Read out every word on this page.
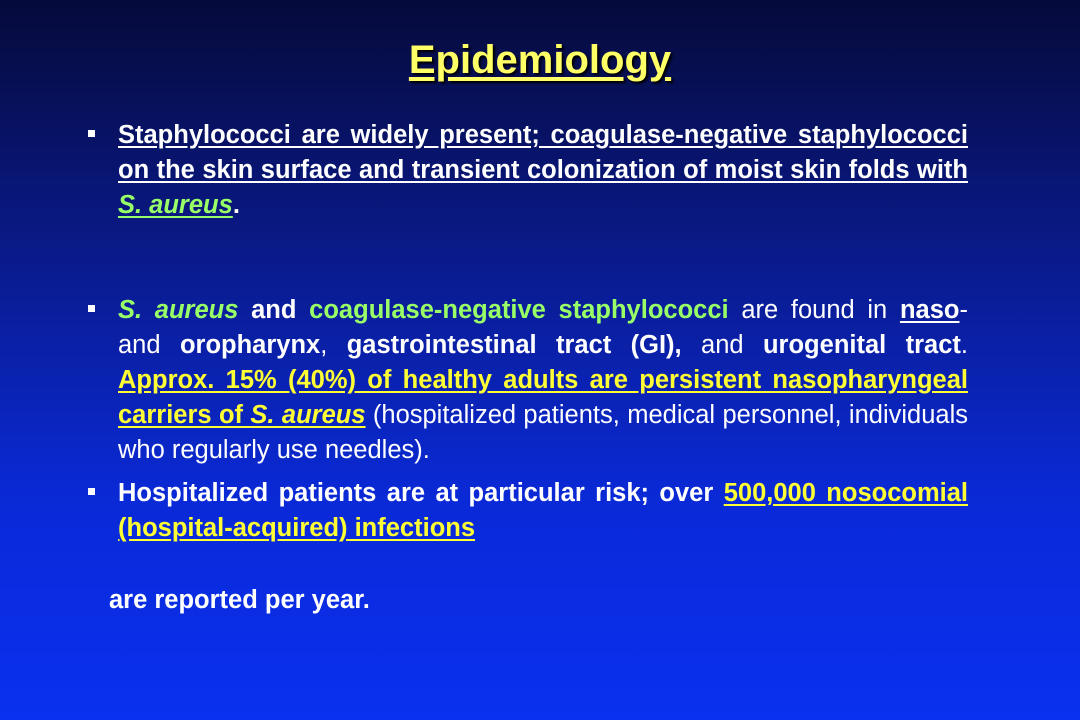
Epidemiology
Staphylococci are widely present; coagulase-negative staphylococci on the skin surface and transient colonization of moist skin folds with S. aureus.
S. aureus and coagulase-negative staphylococci are found in naso- and oropharynx, gastrointestinal tract (GI), and urogenital tract. Approx. 15% (40%) of healthy adults are persistent nasopharyngeal carriers of S. aureus (hospitalized patients, medical personnel, individuals who regularly use needles).
Hospitalized patients are at particular risk; over 500,000 nosocomial (hospital-acquired) infections
are reported per year.
